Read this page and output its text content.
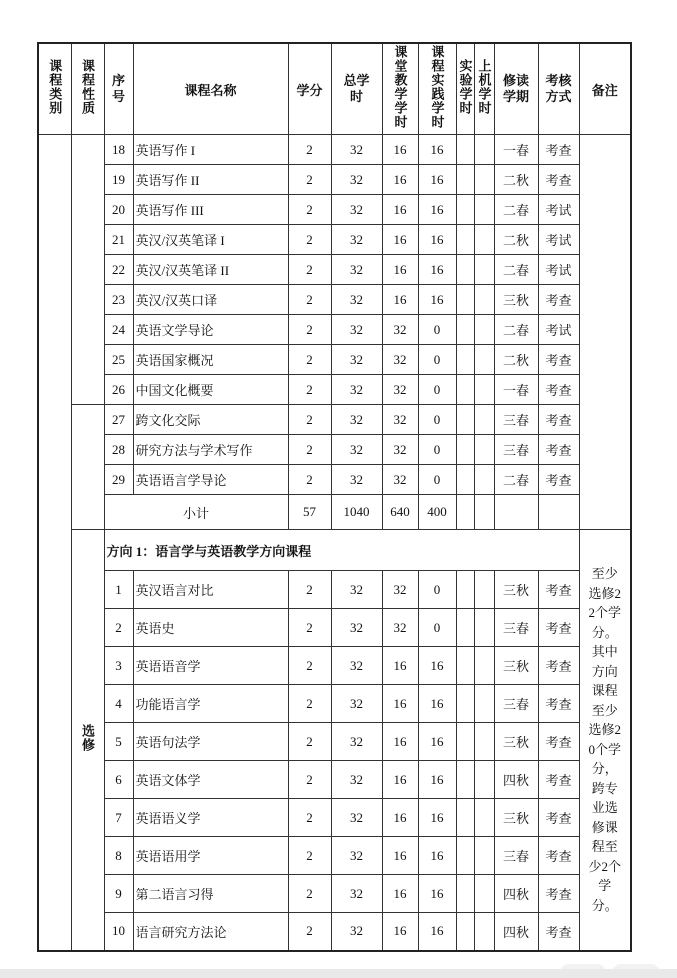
课程类别	课程性质	序号	课程名称	学分	总学时	课堂教学学时	课程实践学时	实验学时	上机学时	修读学期	考核方式	备注
		18	英语写作 I	2	32	16	16			一春	考查	
		19	英语写作 II	2	32	16	16			二秋	考查	
		20	英语写作 III	2	32	16	16			二春	考试	
		21	英汉/汉英笔译 I	2	32	16	16			二秋	考试	
		22	英汉/汉英笔译 II	2	32	16	16			二春	考试	
		23	英汉/汉英口译	2	32	16	16			三秋	考查	
		24	英语文学导论	2	32	32	0			二春	考试	
		25	英语国家概况	2	32	32	0			二秋	考查	
		26	中国文化概要	2	32	32	0			一春	考查	
		27	跨文化交际	2	32	32	0			三春	考查	
		28	研究方法与学术写作	2	32	32	0			三春	考查	
		29	英语语言学导论	2	32	32	0			二春	考查	
		小计		57	1040	640	400					
	选修	方向 1：语言学与英语教学方向课程										至少选修22个学分。其中方向课程至少选修20个学分，跨专业选修课程至少2个学分。

		1	英汉语言对比	2	32	32	0			三秋	考查	
		2	英语史	2	32	32	0			三春	考查	
		3	英语语音学	2	32	16	16			三秋	考查	
		4	功能语言学	2	32	16	16			三春	考查	
		5	英语句法学	2	32	16	16			三秋	考查	
		6	英语文体学	2	32	16	16			四秋	考查	
		7	英语语义学	2	32	16	16			三秋	考查	
		8	英语语用学	2	32	16	16			三春	考查	
		9	第二语言习得	2	32	16	16			四秋	考查	
		10	语言研究方法论	2	32	16	16			四秋	考查	
